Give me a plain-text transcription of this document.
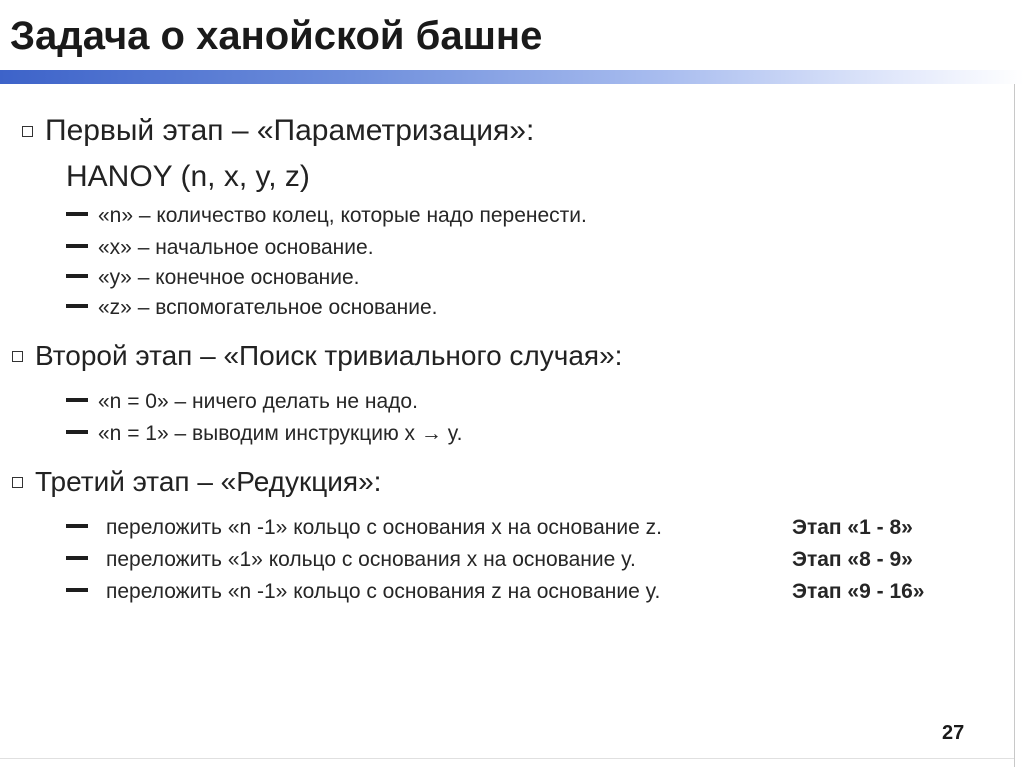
Задача о ханойской башне
Первый этап – «Параметризация»:
HANOY (n, x, y, z)
«n» – количество колец, которые надо перенести.
«x» – начальное основание.
«y» – конечное основание.
«z» – вспомогательное основание.
Второй этап – «Поиск тривиального случая»:
«n = 0» – ничего делать не надо.
«n = 1» – выводим инструкцию x → y.
Третий этап – «Редукция»:
переложить «n -1» кольцо с основания x на основание z.	Этап «1 - 8»
переложить «1» кольцо с основания x на основание y.	Этап «8 - 9»
переложить «n -1» кольцо с основания z на основание y.	Этап «9 - 16»
27
